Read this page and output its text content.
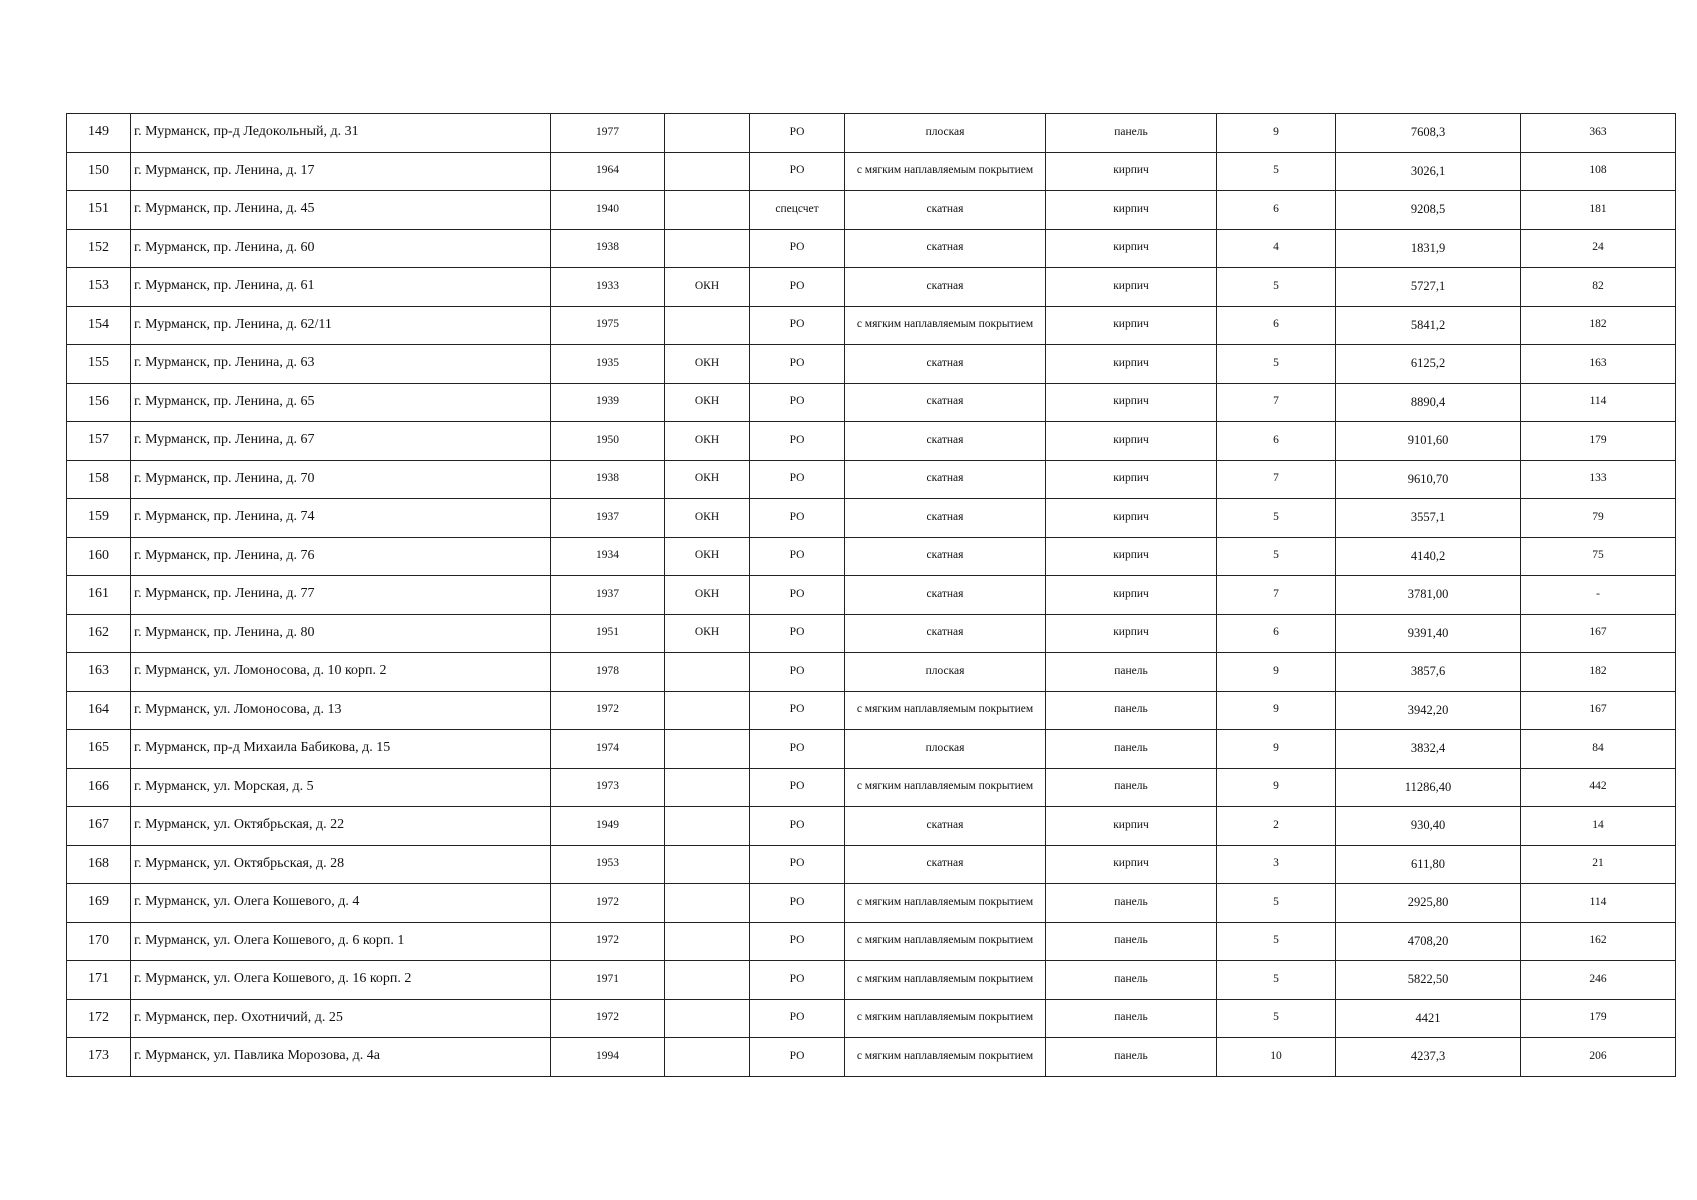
149	г. Мурманск, пр-д Ледокольный, д. 31	1977		РО	плоская	панель	9	7608,3	363
150	г. Мурманск, пр. Ленина, д. 17	1964		РО	с мягким наплавляемым покрытием	кирпич	5	3026,1	108
151	г. Мурманск, пр. Ленина, д. 45	1940		спецсчет	скатная	кирпич	6	9208,5	181
152	г. Мурманск, пр. Ленина, д. 60	1938		РО	скатная	кирпич	4	1831,9	24
153	г. Мурманск, пр. Ленина, д. 61	1933	ОКН	РО	скатная	кирпич	5	5727,1	82
154	г. Мурманск, пр. Ленина, д. 62/11	1975		РО	с мягким наплавляемым покрытием	кирпич	6	5841,2	182
155	г. Мурманск, пр. Ленина, д. 63	1935	ОКН	РО	скатная	кирпич	5	6125,2	163
156	г. Мурманск, пр. Ленина, д. 65	1939	ОКН	РО	скатная	кирпич	7	8890,4	114
157	г. Мурманск, пр. Ленина, д. 67	1950	ОКН	РО	скатная	кирпич	6	9101,60	179
158	г. Мурманск, пр. Ленина, д. 70	1938	ОКН	РО	скатная	кирпич	7	9610,70	133
159	г. Мурманск, пр. Ленина, д. 74	1937	ОКН	РО	скатная	кирпич	5	3557,1	79
160	г. Мурманск, пр. Ленина, д. 76	1934	ОКН	РО	скатная	кирпич	5	4140,2	75
161	г. Мурманск, пр. Ленина, д. 77	1937	ОКН	РО	скатная	кирпич	7	3781,00	-
162	г. Мурманск, пр. Ленина, д. 80	1951	ОКН	РО	скатная	кирпич	6	9391,40	167
163	г. Мурманск, ул. Ломоносова, д. 10 корп. 2	1978		РО	плоская	панель	9	3857,6	182
164	г. Мурманск, ул. Ломоносова, д. 13	1972		РО	с мягким наплавляемым покрытием	панель	9	3942,20	167
165	г. Мурманск, пр-д Михаила Бабикова, д. 15	1974		РО	плоская	панель	9	3832,4	84
166	г. Мурманск, ул. Морская, д. 5	1973		РО	с мягким наплавляемым покрытием	панель	9	11286,40	442
167	г. Мурманск, ул. Октябрьская, д. 22	1949		РО	скатная	кирпич	2	930,40	14
168	г. Мурманск, ул. Октябрьская, д. 28	1953		РО	скатная	кирпич	3	611,80	21
169	г. Мурманск, ул. Олега Кошевого, д. 4	1972		РО	с мягким наплавляемым покрытием	панель	5	2925,80	114
170	г. Мурманск, ул. Олега Кошевого, д. 6 корп. 1	1972		РО	с мягким наплавляемым покрытием	панель	5	4708,20	162
171	г. Мурманск, ул. Олега Кошевого, д. 16 корп. 2	1971		РО	с мягким наплавляемым покрытием	панель	5	5822,50	246
172	г. Мурманск, пер. Охотничий, д. 25	1972		РО	с мягким наплавляемым покрытием	панель	5	4421	179
173	г. Мурманск, ул. Павлика Морозова, д. 4а	1994		РО	с мягким наплавляемым покрытием	панель	10	4237,3	206
